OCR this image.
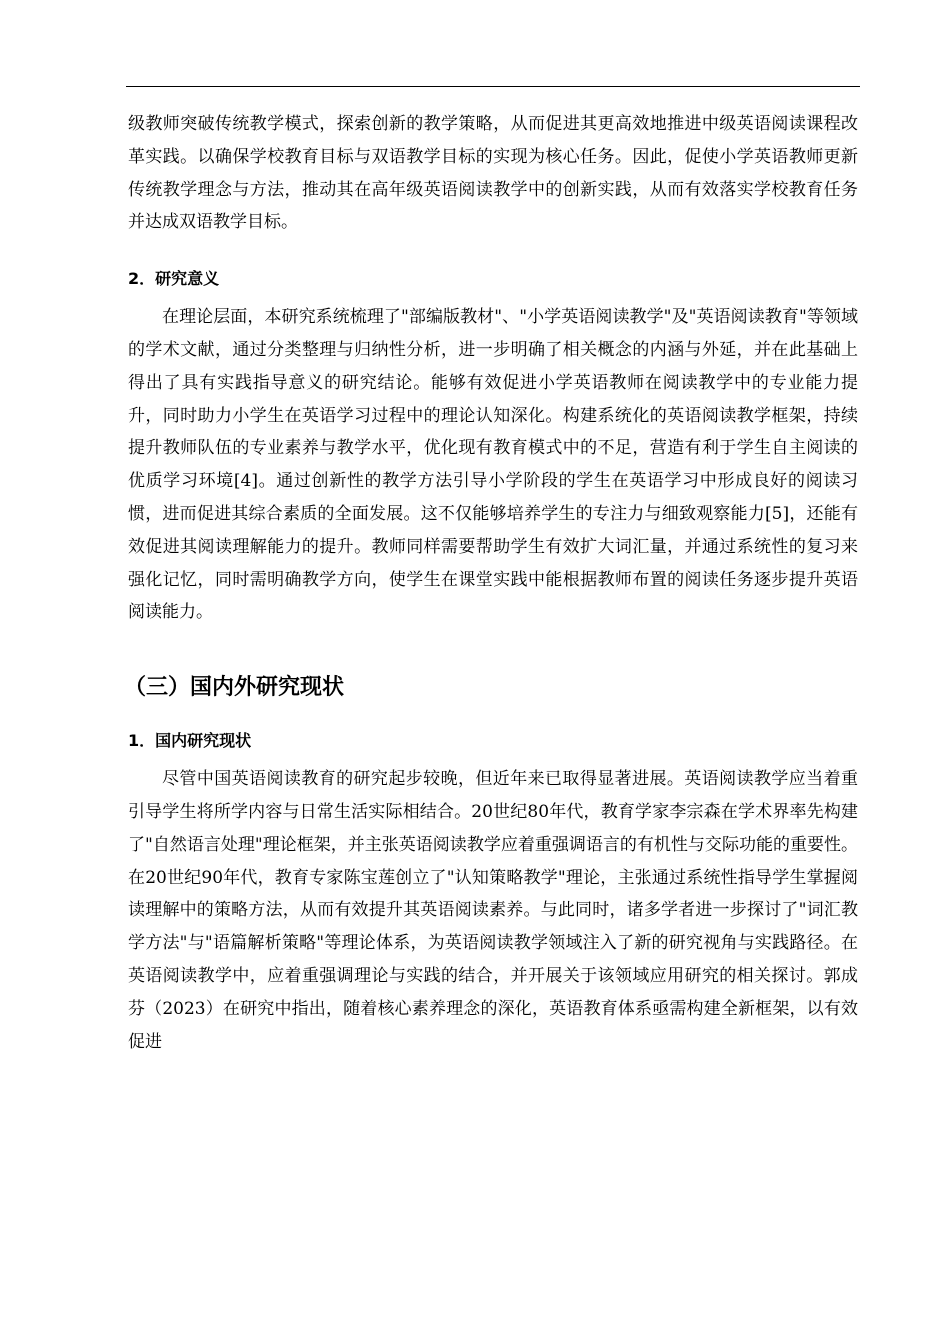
级教师突破传统教学模式，探索创新的教学策略，从而促进其更高效地推进中级英语阅读课程改革实践。以确保学校教育目标与双语教学目标的实现为核心任务。因此，促使小学英语教师更新传统教学理念与方法，推动其在高年级英语阅读教学中的创新实践，从而有效落实学校教育任务并达成双语教学目标。

2．研究意义

在理论层面，本研究系统梳理了"部编版教材"、"小学英语阅读教学"及"英语阅读教育"等领域的学术文献，通过分类整理与归纳性分析，进一步明确了相关概念的内涵与外延，并在此基础上得出了具有实践指导意义的研究结论。能够有效促进小学英语教师在阅读教学中的专业能力提升，同时助力小学生在英语学习过程中的理论认知深化。构建系统化的英语阅读教学框架，持续提升教师队伍的专业素养与教学水平，优化现有教育模式中的不足，营造有利于学生自主阅读的优质学习环境[4]。通过创新性的教学方法引导小学阶段的学生在英语学习中形成良好的阅读习惯，进而促进其综合素质的全面发展。这不仅能够培养学生的专注力与细致观察能力[5]，还能有效促进其阅读理解能力的提升。教师同样需要帮助学生有效扩大词汇量，并通过系统性的复习来强化记忆，同时需明确教学方向，使学生在课堂实践中能根据教师布置的阅读任务逐步提升英语阅读能力。

（三）国内外研究现状
1．国内研究现状

尽管中国英语阅读教育的研究起步较晚，但近年来已取得显著进展。英语阅读教学应当着重引导学生将所学内容与日常生活实际相结合。20世纪80年代，教育学家李宗森在学术界率先构建了"自然语言处理"理论框架，并主张英语阅读教学应着重强调语言的有机性与交际功能的重要性。在20世纪90年代，教育专家陈宝莲创立了"认知策略教学"理论，主张通过系统性指导学生掌握阅读理解中的策略方法，从而有效提升其英语阅读素养。与此同时，诸多学者进一步探讨了"词汇教学方法"与"语篇解析策略"等理论体系，为英语阅读教学领域注入了新的研究视角与实践路径。在英语阅读教学中，应着重强调理论与实践的结合，并开展关于该领域应用研究的相关探讨。郭成芬（2023）在研究中指出，随着核心素养理念的深化，英语教育体系亟需构建全新框架，以有效促进
